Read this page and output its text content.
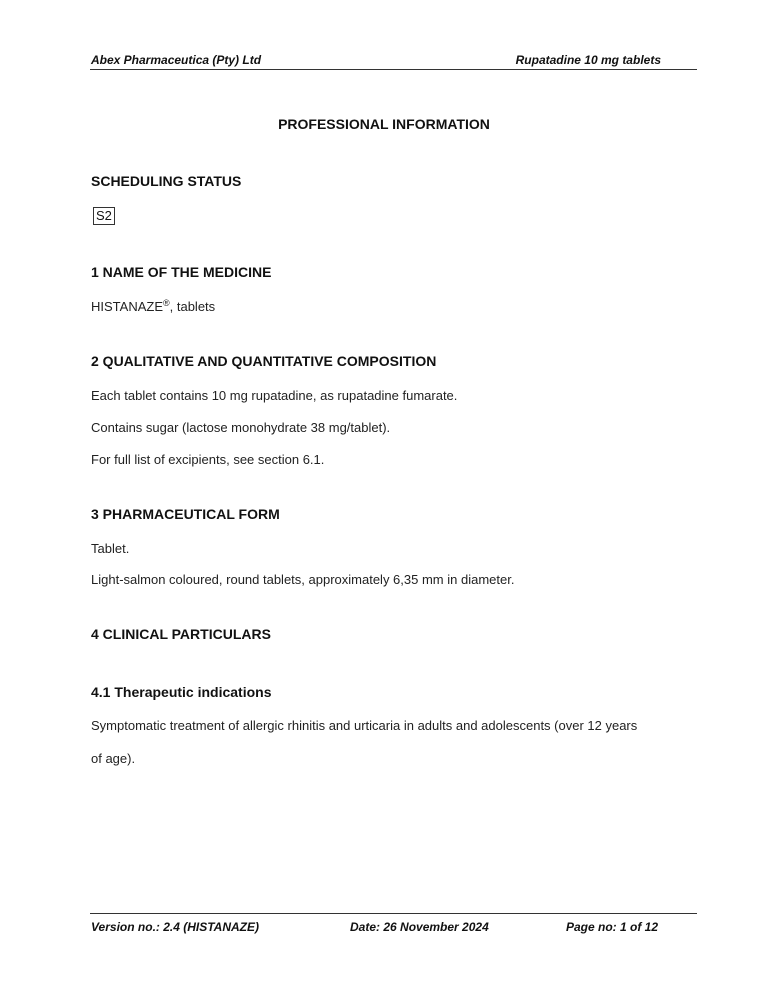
Abex Pharmaceutica (Pty) Ltd	Rupatadine 10 mg tablets
PROFESSIONAL INFORMATION
SCHEDULING STATUS
S2
1 NAME OF THE MEDICINE
HISTANAZE®, tablets
2 QUALITATIVE AND QUANTITATIVE COMPOSITION
Each tablet contains 10 mg rupatadine, as rupatadine fumarate.
Contains sugar (lactose monohydrate 38 mg/tablet).
For full list of excipients, see section 6.1.
3 PHARMACEUTICAL FORM
Tablet.
Light-salmon coloured, round tablets, approximately 6,35 mm in diameter.
4 CLINICAL PARTICULARS
4.1 Therapeutic indications
Symptomatic treatment of allergic rhinitis and urticaria in adults and adolescents (over 12 years
of age).
Version no.: 2.4 (HISTANAZE)	Date: 26 November 2024	Page no: 1 of 12
